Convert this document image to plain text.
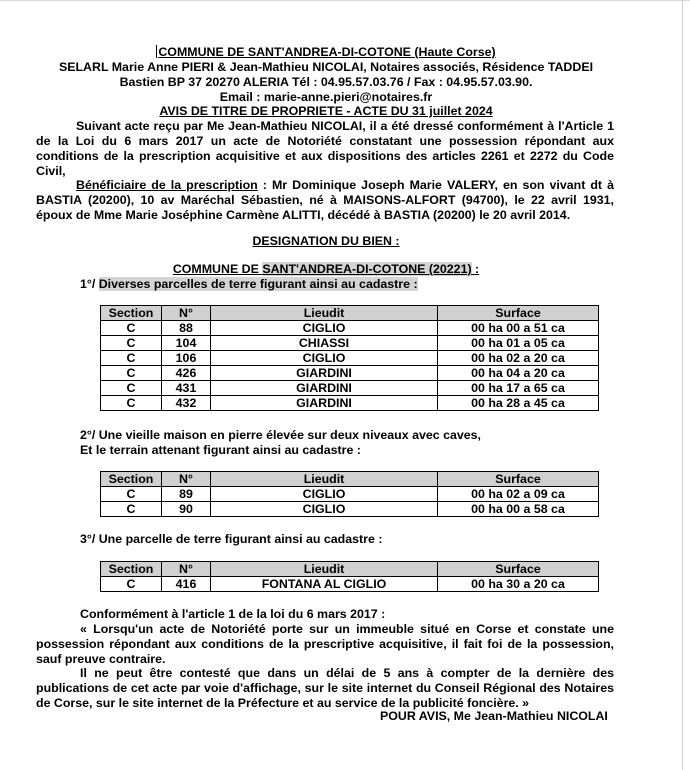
COMMUNE DE SANT'ANDREA-DI-COTONE (Haute Corse)
SELARL Marie Anne PIERI & Jean-Mathieu NICOLAI, Notaires associés, Résidence TADDEI
Bastien BP 37 20270 ALERIA Tél : 04.95.57.03.76 / Fax : 04.95.57.03.90.
Email : marie-anne.pieri@notaires.fr
AVIS DE TITRE DE PROPRIETE - ACTE DU 31 juillet 2024
Suivant acte reçu par Me Jean-Mathieu NICOLAI, il a été dressé conformément à l'Article 1 de la Loi du 6 mars 2017 un acte de Notoriété constatant une possession répondant aux conditions de la prescription acquisitive et aux dispositions des articles 2261 et 2272 du Code Civil,
Bénéficiaire de la prescription : Mr Dominique Joseph Marie VALERY, en son vivant dt à BASTIA (20200), 10 av Maréchal Sébastien, né à MAISONS-ALFORT (94700), le 22 avril 1931, époux de Mme Marie Joséphine Carmène ALITTI, décédé à BASTIA (20200) le 20 avril 2014.
DESIGNATION DU BIEN :
COMMUNE DE SANT'ANDREA-DI-COTONE (20221) :
1°/ Diverses parcelles de terre figurant ainsi au cadastre :
Section	N°	Lieudit	Surface
C	88	CIGLIO	00 ha 00 a 51 ca
C	104	CHIASSI	00 ha 01 a 05 ca
C	106	CIGLIO	00 ha 02 a 20 ca
C	426	GIARDINI	00 ha 04 a 20 ca
C	431	GIARDINI	00 ha 17 a 65 ca
C	432	GIARDINI	00 ha 28 a 45 ca
2°/ Une vieille maison en pierre élevée sur deux niveaux avec caves,
Et le terrain attenant figurant ainsi au cadastre :
Section	N°	Lieudit	Surface
C	89	CIGLIO	00 ha 02 a 09 ca
C	90	CIGLIO	00 ha 00 a 58 ca
3°/ Une parcelle de terre figurant ainsi au cadastre :
Section	N°	Lieudit	Surface
C	416	FONTANA AL CIGLIO	00 ha 30 a 20 ca
Conformément à l'article 1 de la loi du 6 mars 2017 :
« Lorsqu'un acte de Notoriété porte sur un immeuble situé en Corse et constate une possession répondant aux conditions de la prescriptive acquisitive, il fait foi de la possession, sauf preuve contraire.
Il ne peut être contesté que dans un délai de 5 ans à compter de la dernière des publications de cet acte par voie d'affichage, sur le site internet du Conseil Régional des Notaires de Corse, sur le site internet de la Préfecture et au service de la publicité foncière. »
POUR AVIS, Me Jean-Mathieu NICOLAI
